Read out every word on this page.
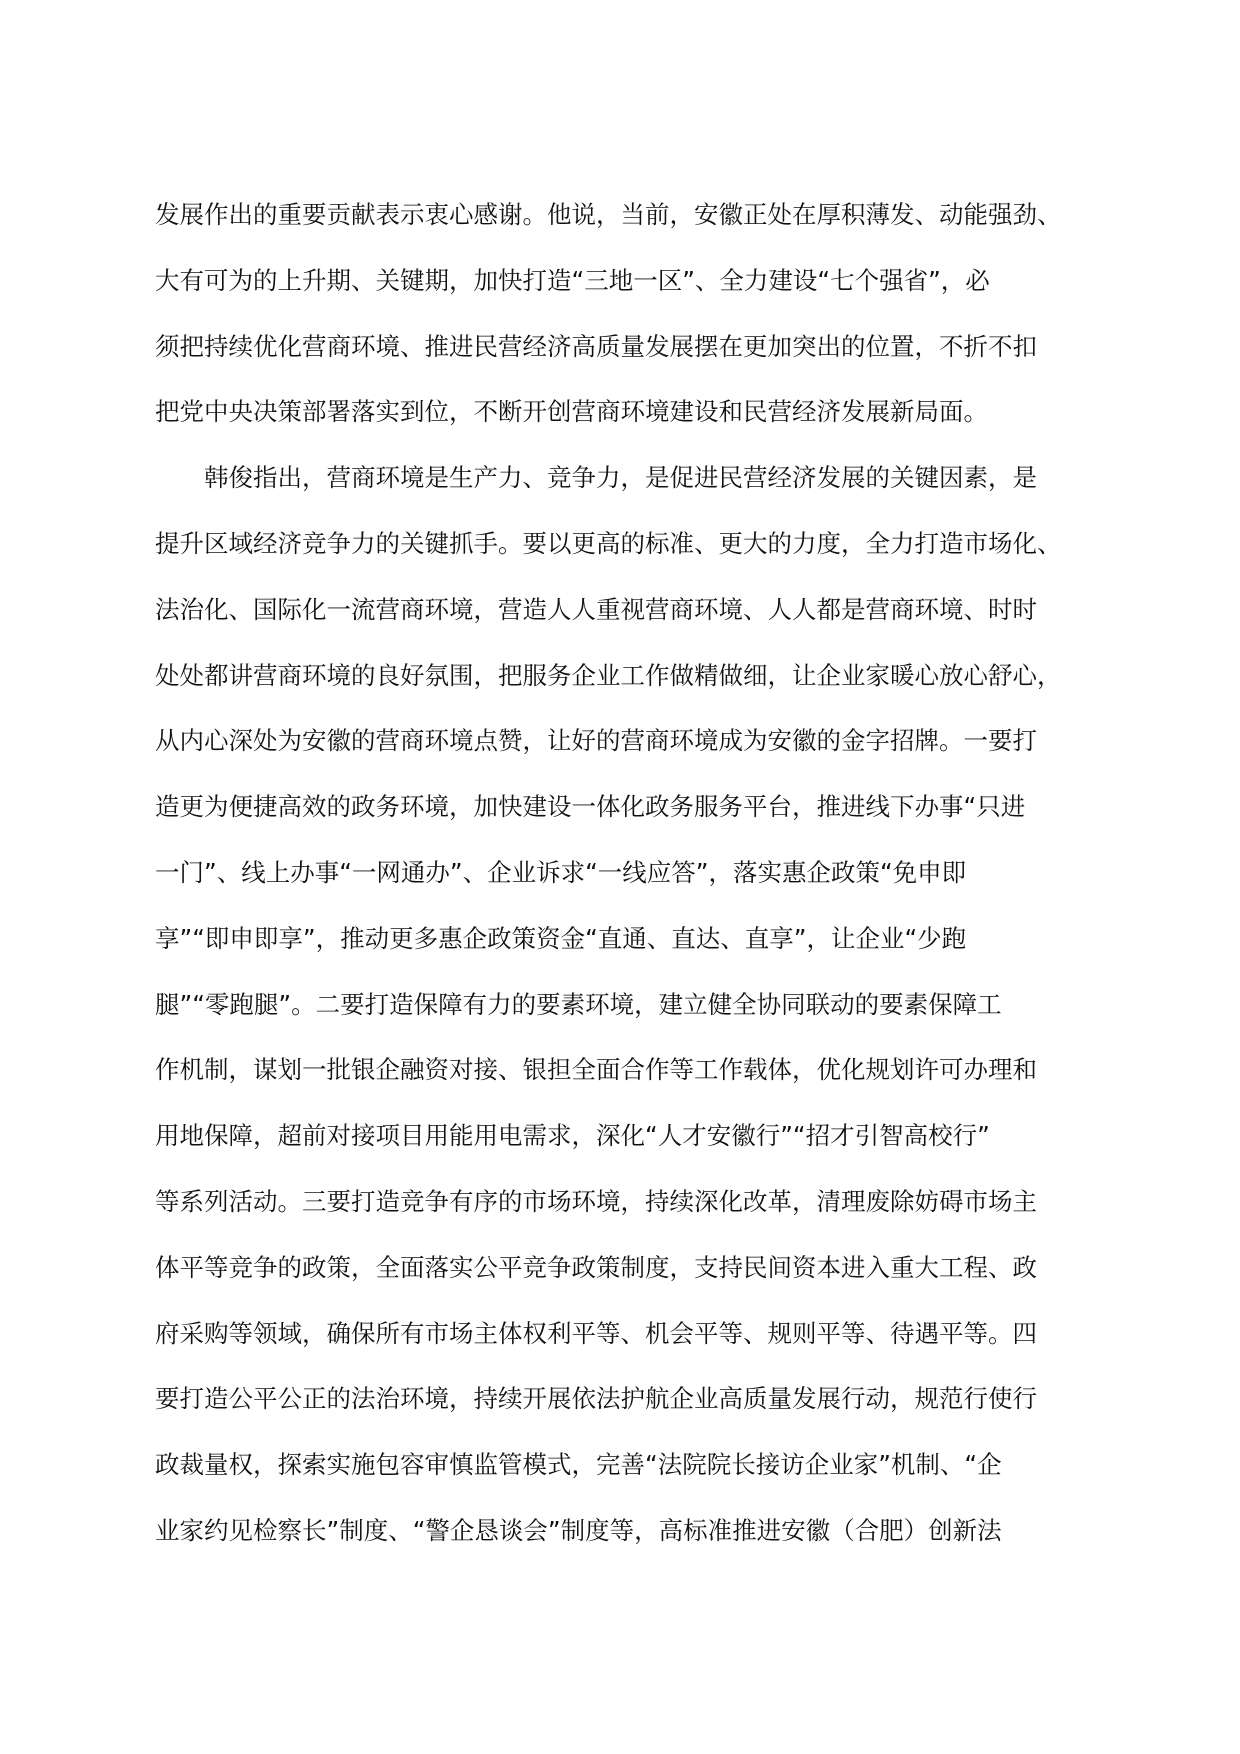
发展作出的重要贡献表示衷心感谢。他说，当前，安徽正处在厚积薄发、动能强劲、
大有可为的上升期、关键期，加快打造“三地一区”、全力建设“七个强省”，必
须把持续优化营商环境、推进民营经济高质量发展摆在更加突出的位置，不折不扣
把党中央决策部署落实到位，不断开创营商环境建设和民营经济发展新局面。
　　韩俊指出，营商环境是生产力、竞争力，是促进民营经济发展的关键因素，是
提升区域经济竞争力的关键抓手。要以更高的标准、更大的力度，全力打造市场化、
法治化、国际化一流营商环境，营造人人重视营商环境、人人都是营商环境、时时
处处都讲营商环境的良好氛围，把服务企业工作做精做细，让企业家暖心放心舒心，
从内心深处为安徽的营商环境点赞，让好的营商环境成为安徽的金字招牌。一要打
造更为便捷高效的政务环境，加快建设一体化政务服务平台，推进线下办事“只进
一门”、线上办事“一网通办”、企业诉求“一线应答”，落实惠企政策“免申即
享”“即申即享”，推动更多惠企政策资金“直通、直达、直享”，让企业“少跑
腿”“零跑腿”。二要打造保障有力的要素环境，建立健全协同联动的要素保障工
作机制，谋划一批银企融资对接、银担全面合作等工作载体，优化规划许可办理和
用地保障，超前对接项目用能用电需求，深化“人才安徽行”“招才引智高校行”
等系列活动。三要打造竞争有序的市场环境，持续深化改革，清理废除妨碍市场主
体平等竞争的政策，全面落实公平竞争政策制度，支持民间资本进入重大工程、政
府采购等领域，确保所有市场主体权利平等、机会平等、规则平等、待遇平等。四
要打造公平公正的法治环境，持续开展依法护航企业高质量发展行动，规范行使行
政裁量权，探索实施包容审慎监管模式，完善“法院院长接访企业家”机制、“企
业家约见检察长”制度、“警企恳谈会”制度等，高标准推进安徽（合肥）创新法
